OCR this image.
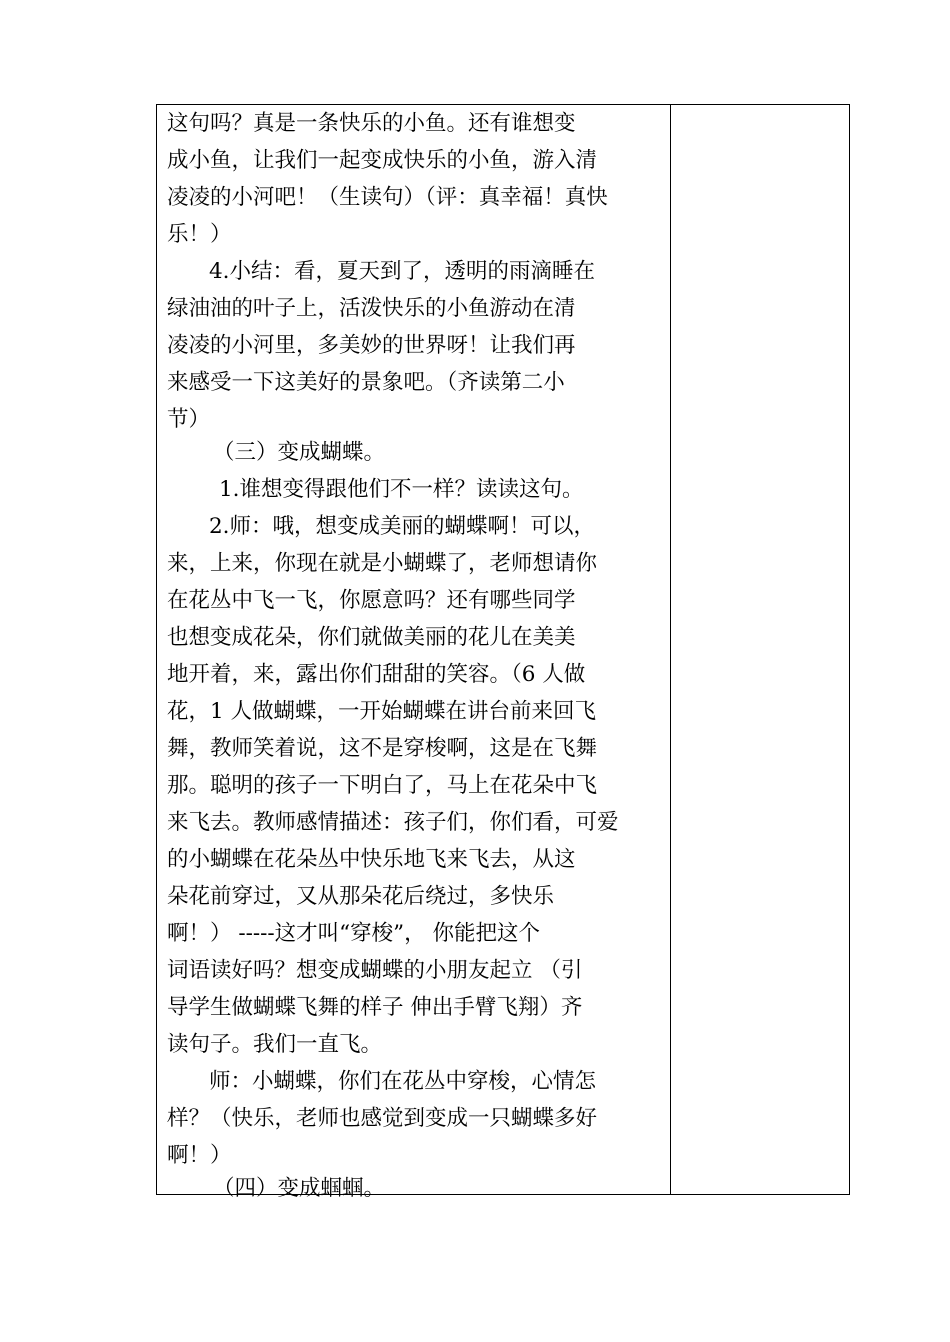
这句吗？真是一条快乐的小鱼。还有谁想变
成小鱼，让我们一起变成快乐的小鱼，游入清
凌凌的小河吧！（生读句）（评：真幸福！真快
乐！）
4.小结：看，夏天到了，透明的雨滴睡在
绿油油的叶子上，活泼快乐的小鱼游动在清
凌凌的小河里，多美妙的世界呀！让我们再
来感受一下这美好的景象吧。（齐读第二小
节）
（三）变成蝴蝶。
1.谁想变得跟他们不一样？读读这句。
2.师：哦，想变成美丽的蝴蝶啊！可以，
来，上来，你现在就是小蝴蝶了，老师想请你
在花丛中飞一飞，你愿意吗？还有哪些同学
也想变成花朵，你们就做美丽的花儿在美美
地开着，来，露出你们甜甜的笑容。（6 人做
花，1 人做蝴蝶，一开始蝴蝶在讲台前来回飞
舞，教师笑着说，这不是穿梭啊，这是在飞舞
那。聪明的孩子一下明白了，马上在花朵中飞
来飞去。教师感情描述：孩子们，你们看，可爱
的小蝴蝶在花朵丛中快乐地飞来飞去，从这
朵花前穿过，又从那朵花后绕过，多快乐
啊！） -----这才叫“穿梭”， 你能把这个
词语读好吗？想变成蝴蝶的小朋友起立 （引
导学生做蝴蝶飞舞的样子 伸出手臂飞翔）齐
读句子。我们一直飞。
师：小蝴蝶，你们在花丛中穿梭，心情怎
样？（快乐，老师也感觉到变成一只蝴蝶多好
啊！）
（四）变成蝈蝈。
